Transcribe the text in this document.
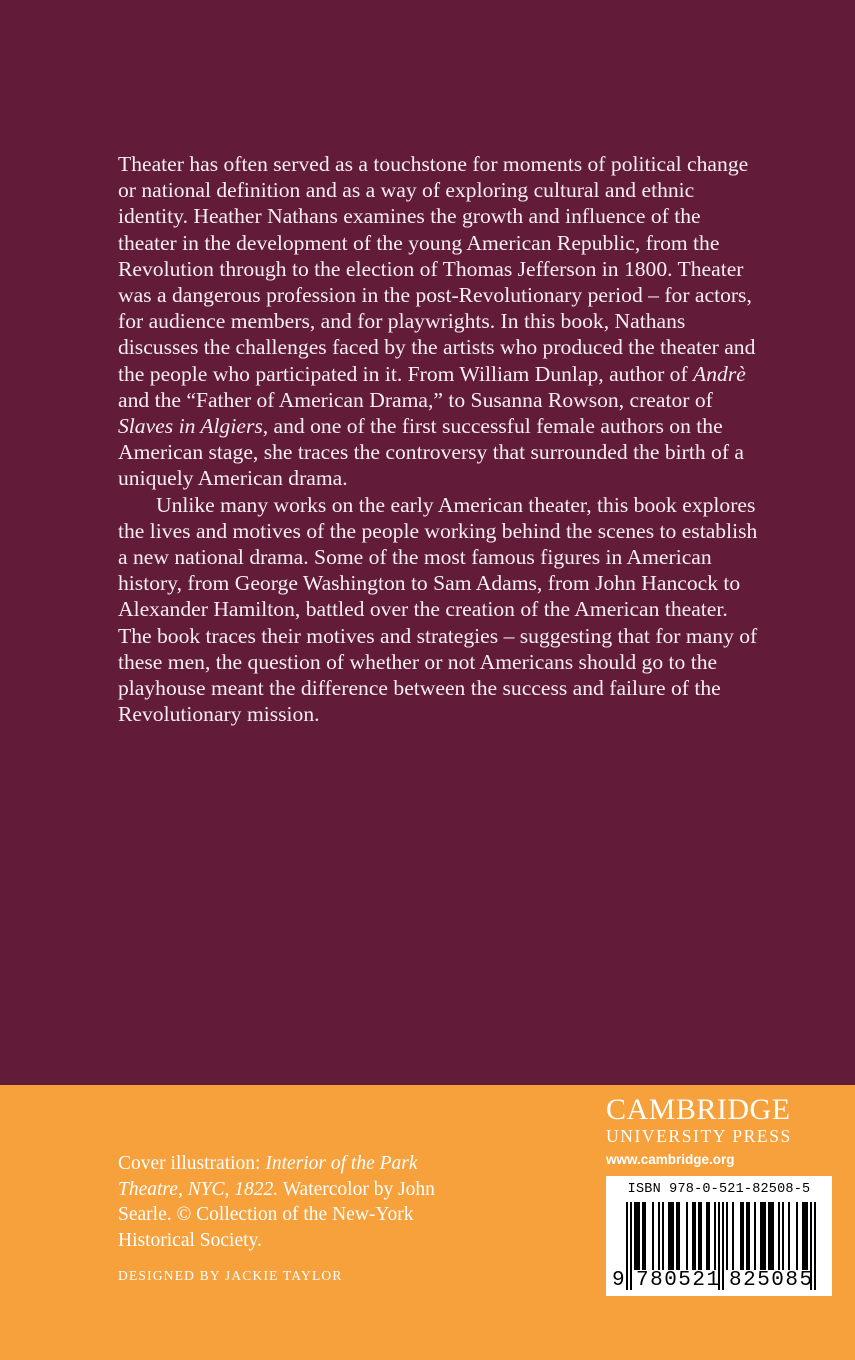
Theater has often served as a touchstone for moments of political change or national definition and as a way of exploring cultural and ethnic identity. Heather Nathans examines the growth and influence of the theater in the development of the young American Republic, from the Revolution through to the election of Thomas Jefferson in 1800. Theater was a dangerous profession in the post-Revolutionary period – for actors, for audience members, and for playwrights. In this book, Nathans discusses the challenges faced by the artists who produced the theater and the people who participated in it. From William Dunlap, author of Andrè and the “Father of American Drama,” to Susanna Rowson, creator of Slaves in Algiers, and one of the first successful female authors on the American stage, she traces the controversy that surrounded the birth of a uniquely American drama.

Unlike many works on the early American theater, this book explores the lives and motives of the people working behind the scenes to establish a new national drama. Some of the most famous figures in American history, from George Washington to Sam Adams, from John Hancock to Alexander Hamilton, battled over the creation of the American theater. The book traces their motives and strategies – suggesting that for many of these men, the question of whether or not Americans should go to the playhouse meant the difference between the success and failure of the Revolutionary mission.

Cover illustration: Interior of the Park Theatre, NYC, 1822. Watercolor by John Searle. © Collection of the New-York Historical Society.
DESIGNED BY JACKIE TAYLOR
CAMBRIDGE
UNIVERSITY PRESS
www.cambridge.org
ISBN 978-0-521-82508-5
9 780521 825085
